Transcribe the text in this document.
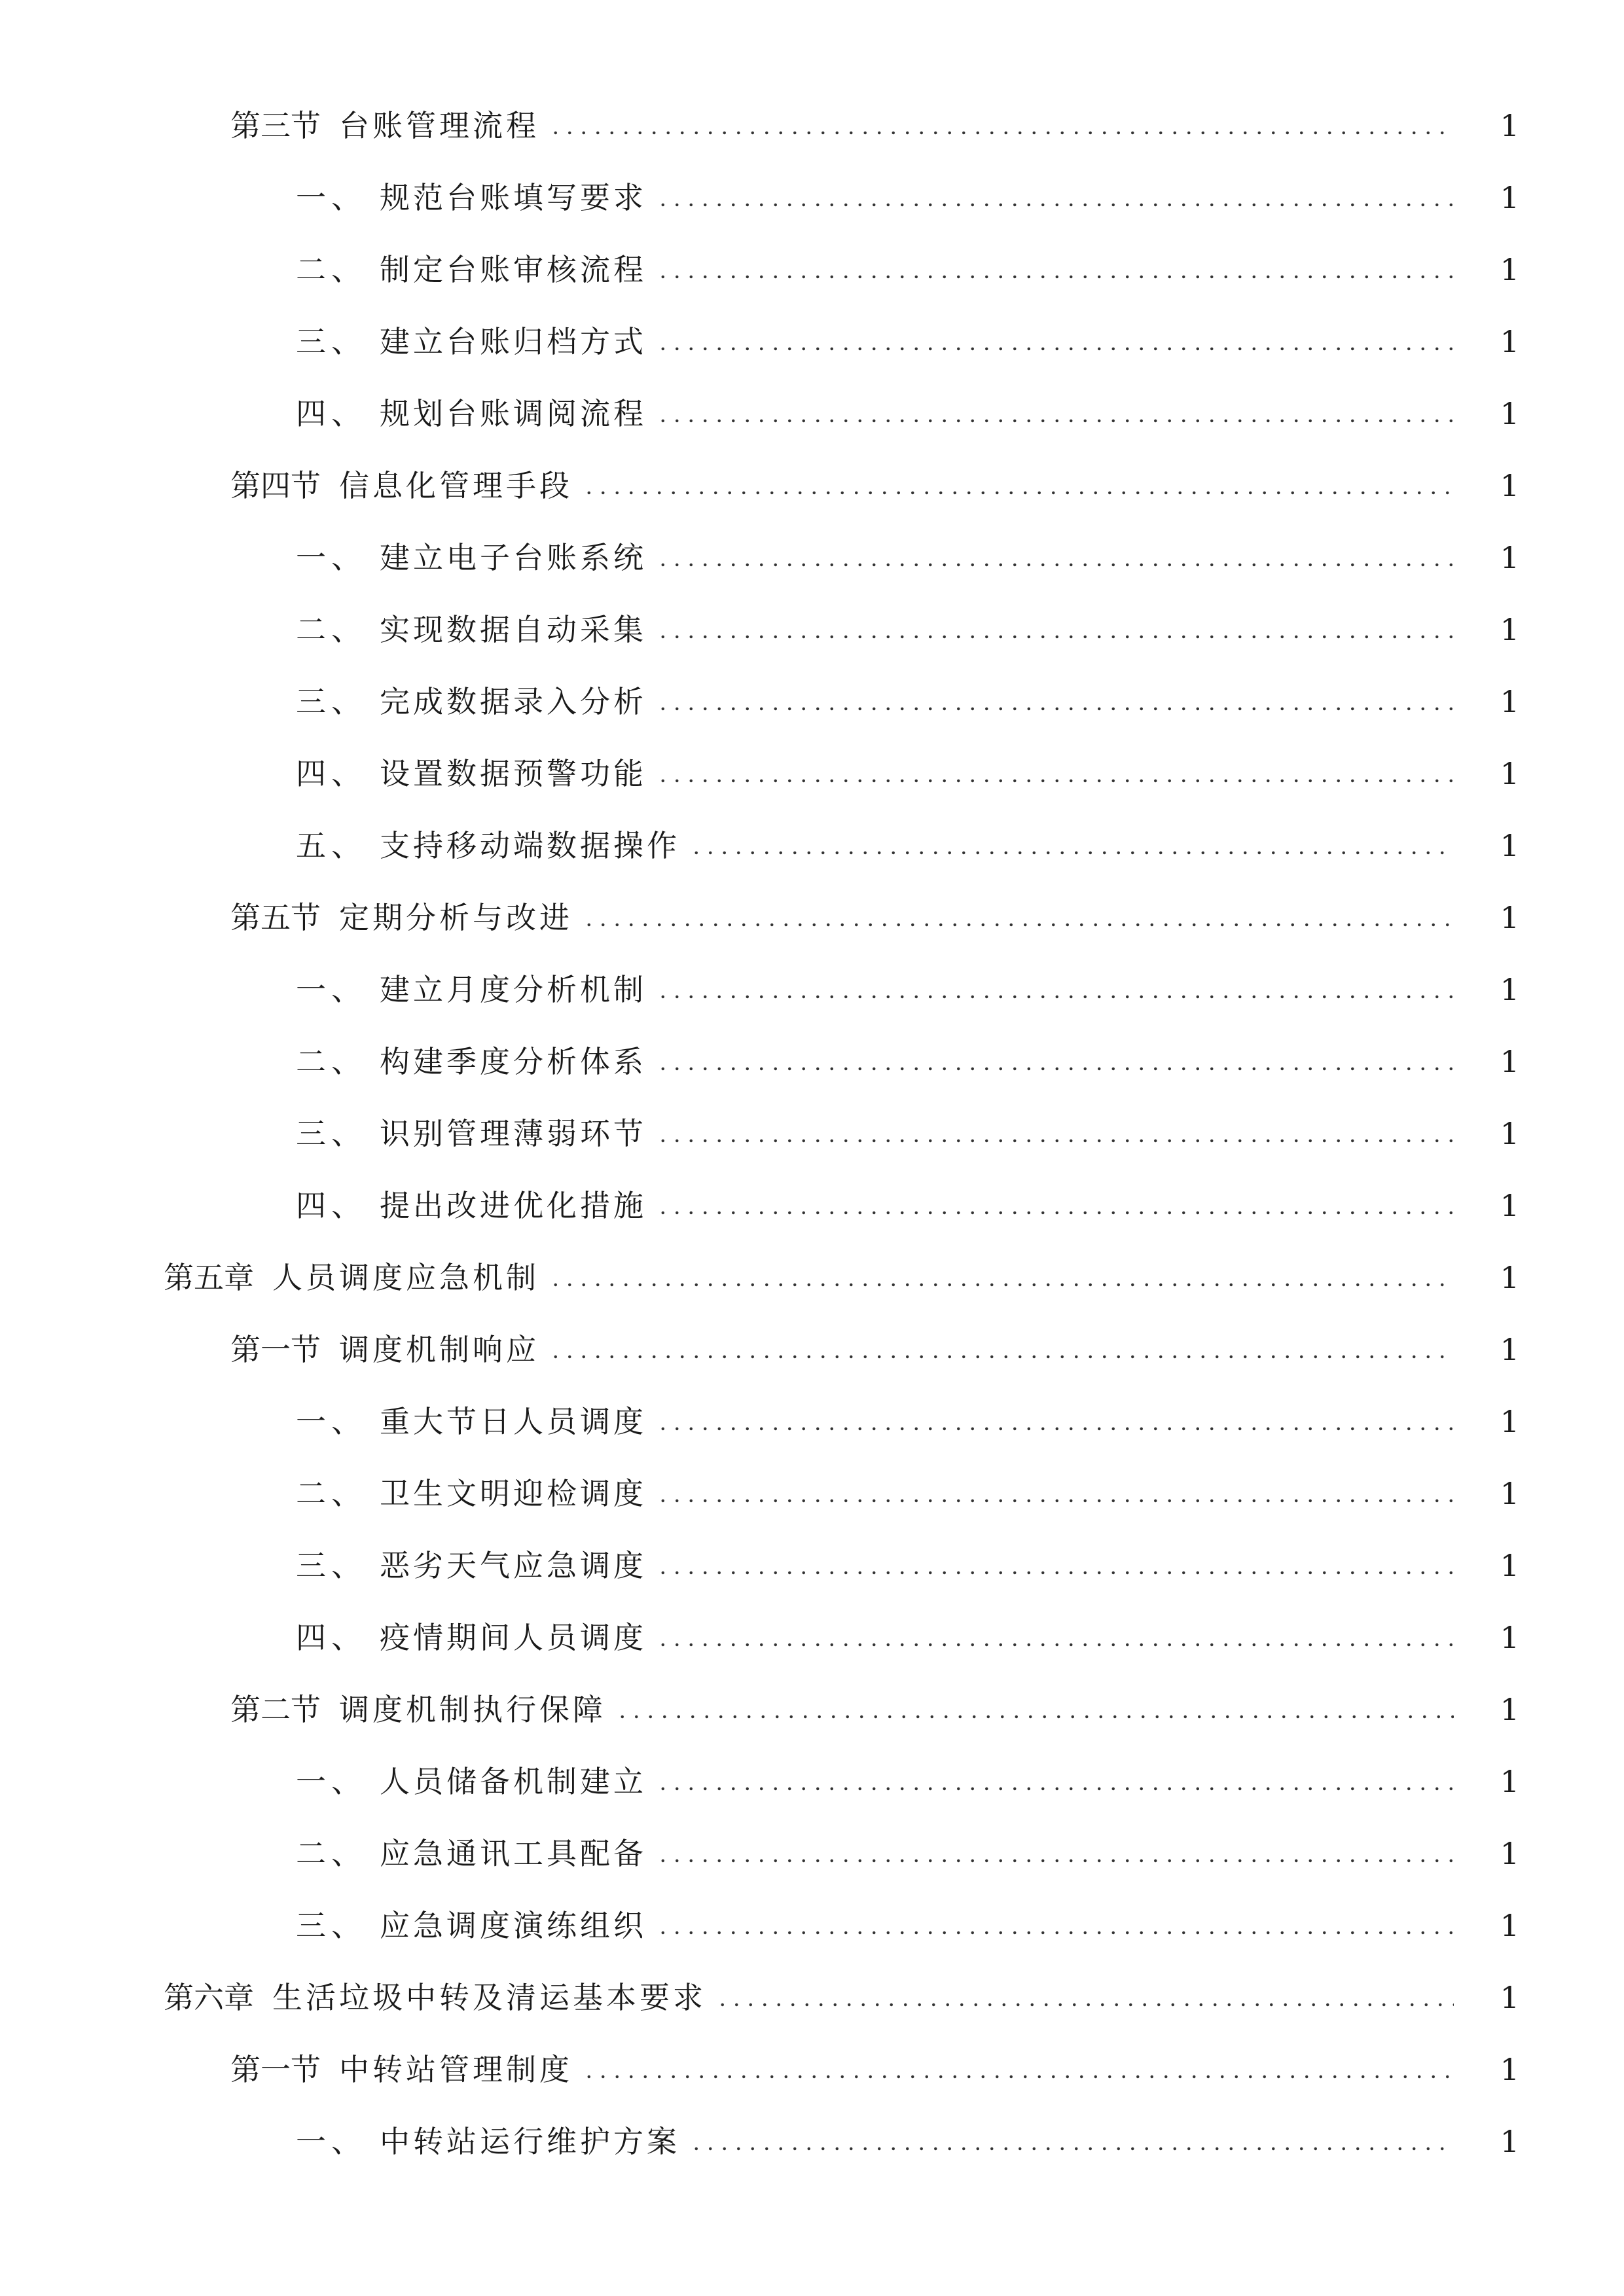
第三节 台账管理流程	1
一、 规范台账填写要求	1
二、 制定台账审核流程	1
三、 建立台账归档方式	1
四、 规划台账调阅流程	1
第四节 信息化管理手段	1
一、 建立电子台账系统	1
二、 实现数据自动采集	1
三、 完成数据录入分析	1
四、 设置数据预警功能	1
五、 支持移动端数据操作	1
第五节 定期分析与改进	1
一、 建立月度分析机制	1
二、 构建季度分析体系	1
三、 识别管理薄弱环节	1
四、 提出改进优化措施	1
第五章 人员调度应急机制	1
第一节 调度机制响应	1
一、 重大节日人员调度	1
二、 卫生文明迎检调度	1
三、 恶劣天气应急调度	1
四、 疫情期间人员调度	1
第二节 调度机制执行保障	1
一、 人员储备机制建立	1
二、 应急通讯工具配备	1
三、 应急调度演练组织	1
第六章 生活垃圾中转及清运基本要求	1
第一节 中转站管理制度	1
一、 中转站运行维护方案	1
